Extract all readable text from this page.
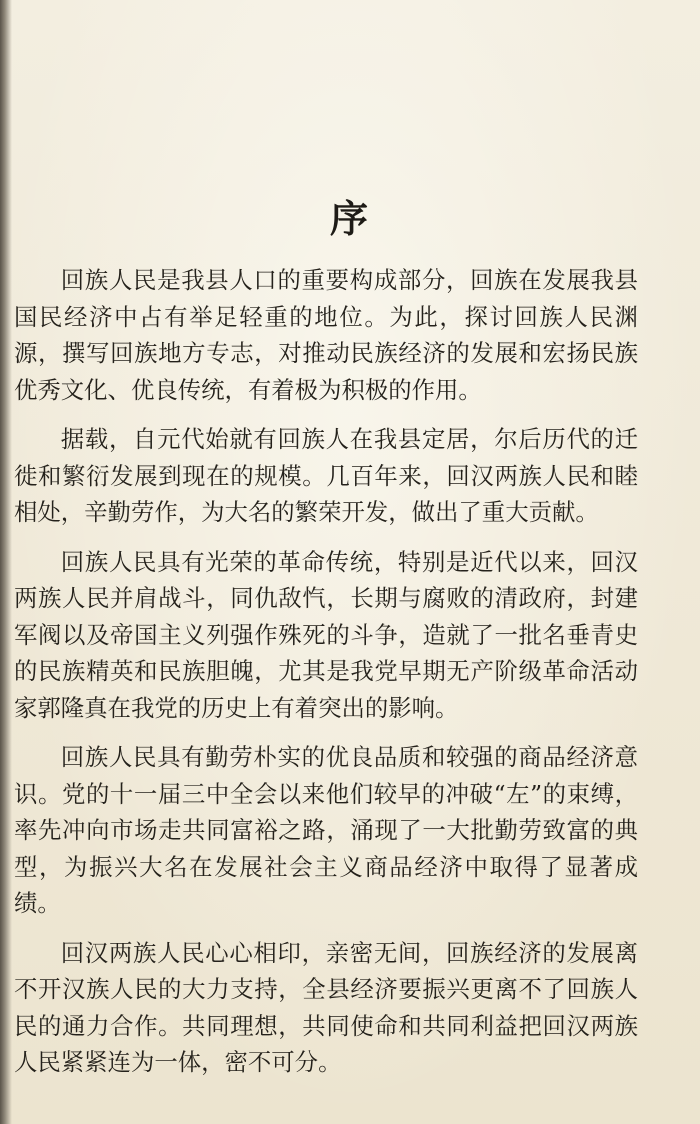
序

回族人民是我县人口的重要构成部分，回族在发展我县国民经济中占有举足轻重的地位。为此，探讨回族人民渊源，撰写回族地方专志，对推动民族经济的发展和宏扬民族优秀文化、优良传统，有着极为积极的作用。

据载，自元代始就有回族人在我县定居，尔后历代的迁徙和繁衍发展到现在的规模。几百年来，回汉两族人民和睦相处，辛勤劳作，为大名的繁荣开发，做出了重大贡献。

回族人民具有光荣的革命传统，特别是近代以来，回汉两族人民并肩战斗，同仇敌忾，长期与腐败的清政府，封建军阀以及帝国主义列强作殊死的斗争，造就了一批名垂青史的民族精英和民族胆魄，尤其是我党早期无产阶级革命活动家郭隆真在我党的历史上有着突出的影响。

回族人民具有勤劳朴实的优良品质和较强的商品经济意识。党的十一届三中全会以来他们较早的冲破“左”的束缚，率先冲向市场走共同富裕之路，涌现了一大批勤劳致富的典型，为振兴大名在发展社会主义商品经济中取得了显著成绩。

回汉两族人民心心相印，亲密无间，回族经济的发展离不开汉族人民的大力支持，全县经济要振兴更离不了回族人民的通力合作。共同理想，共同使命和共同利益把回汉两族人民紧紧连为一体，密不可分。
